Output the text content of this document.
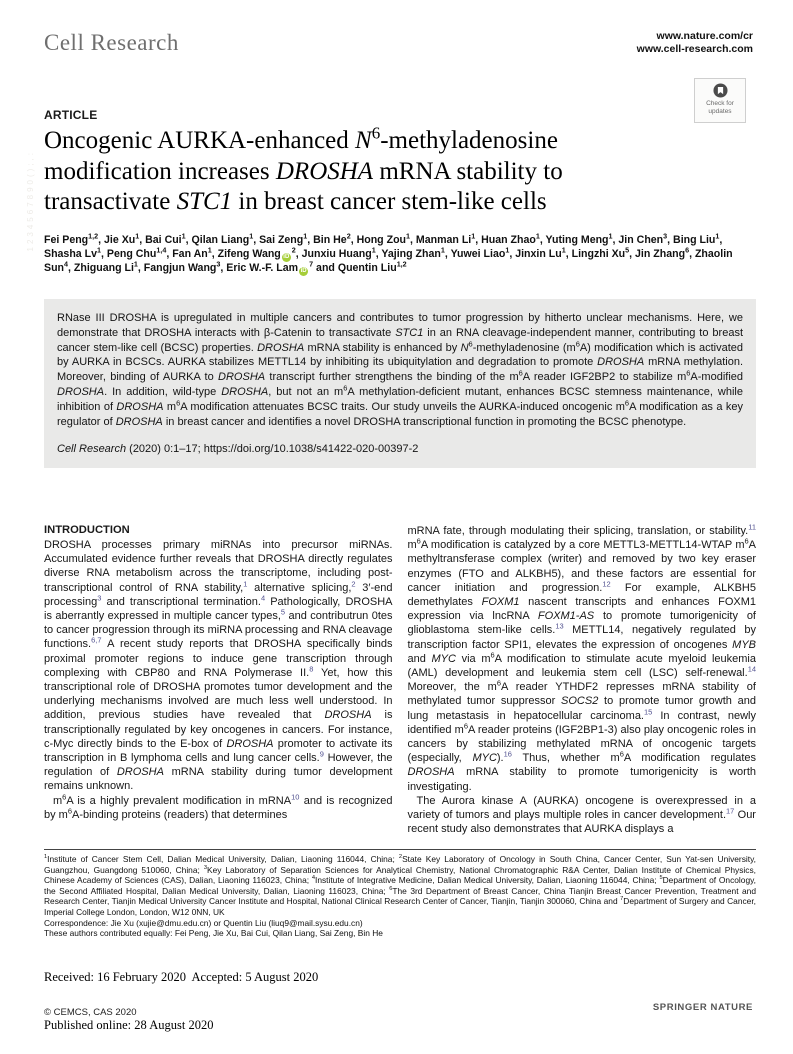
1234567890();,:
Cell Research	www.nature.com/cr
www.cell-research.com
Check for updates
ARTICLE
Oncogenic AURKA-enhanced $N^6$-methyladenosine modification increases DROSHA mRNA stability to transactivate STC1 in breast cancer stem-like cells
Fei Peng$^{1,2}$, Jie Xu$^1$, Bai Cui$^1$, Qilan Liang$^1$, Sai Zeng$^1$, Bin He$^2$, Hong Zou$^1$, Manman Li$^1$, Huan Zhao$^1$, Yuting Meng$^1$, Jin Chen$^3$, Bing Liu$^1$, Shasha Lv$^1$, Peng Chu$^{1,4}$, Fan An$^1$, Zifeng Wang $iD^2$, Junxiu Huang$^1$, Yajing Zhan$^1$, Yuwei Liao$^1$, Jinxin Lu$^1$, Lingzhi Xu$^5$, Jin Zhang$^6$, Zhaolin Sun$^4$, Zhiguang Li$^1$, Fangjun Wang$^3$, Eric W.-F. Lam $iD^7$ and Quentin Liu$^{1,2}$
RNase III DROSHA is upregulated in multiple cancers and contributes to tumor progression by hitherto unclear mechanisms. Here, we demonstrate that DROSHA interacts with β-Catenin to transactivate STC1 in an RNA cleavage-independent manner, contributing to breast cancer stem-like cell (BCSC) properties. DROSHA mRNA stability is enhanced by $N^6$-methyladenosine $(m^6A)$ modification which is activated by AURKA in BCSCs. AURKA stabilizes METTL14 by inhibiting its ubiquitylation and degradation to promote DROSHA mRNA methylation. Moreover, binding of AURKA to DROSHA transcript further strengthens the binding of the $m^6A$ reader IGF2BP2 to stabilize $m^6A$-modified DROSHA. In addition, wild-type DROSHA, but not an $m^6A$ methylation-deficient mutant, enhances BCSC stemness maintenance, while inhibition of DROSHA $m^6A$ modification attenuates BCSC traits. Our study unveils the AURKA-induced oncogenic $m^6A$ modification as a key regulator of DROSHA in breast cancer and identifies a novel DROSHA transcriptional function in promoting the BCSC phenotype.
Cell Research (2020) 0:1–17; https://doi.org/10.1038/s41422-020-00397-2
INTRODUCTION

DROSHA processes primary miRNAs into precursor miRNAs. Accumulated evidence further reveals that DROSHA directly regulates diverse RNA metabolism across the transcriptome, including post-transcriptional control of RNA stability,$^1$ alternative splicing,$^2$ 3′-end processing$^3$ and transcriptional termination.$^4$ Pathologically, DROSHA is aberrantly expressed in multiple cancer types,$^5$ and contributrun 0tes to cancer progression through its miRNA processing and RNA cleavage functions.$^{6,7}$ A recent study reports that DROSHA specifically binds proximal promoter regions to induce gene transcription through complexing with CBP80 and RNA Polymerase II.$^8$ Yet, how this transcriptional role of DROSHA promotes tumor development and the underlying mechanisms involved are much less well understood. In addition, previous studies have revealed that DROSHA is transcriptionally regulated by key oncogenes in cancers. For instance, c-Myc directly binds to the E-box of DROSHA promoter to activate its transcription in B lymphoma cells and lung cancer cells.$^9$ However, the regulation of DROSHA mRNA stability during tumor development remains unknown.

$m^6A$ is a highly prevalent modification in mRNA$^{10}$ and is recognized by $m^6A$-binding proteins (readers) that determines

mRNA fate, through modulating their splicing, translation, or stability.$^{11}$ $m^6A$ modification is catalyzed by a core METTL3-METTL14-WTAP $m^6A$ methyltransferase complex (writer) and removed by two key eraser enzymes (FTO and ALKBH5), and these factors are essential for cancer initiation and progression.$^{12}$ For example, ALKBH5 demethylates FOXM1 nascent transcripts and enhances FOXM1 expression via lncRNA FOXM1-AS to promote tumorigenicity of glioblastoma stem-like cells.$^{13}$ METTL14, negatively regulated by transcription factor SPI1, elevates the expression of oncogenes MYB and MYC via $m^6A$ modification to stimulate acute myeloid leukemia (AML) development and leukemia stem cell (LSC) self-renewal.$^{14}$ Moreover, the $m^6A$ reader YTHDF2 represses mRNA stability of methylated tumor suppressor SOCS2 to promote tumor growth and lung metastasis in hepatocellular carcinoma.$^{15}$ In contrast, newly identified $m^6A$ reader proteins (IGF2BP1-3) also play oncogenic roles in cancers by stabilizing methylated mRNA of oncogenic targets (especially, MYC).$^{16}$ Thus, whether $m^6A$ modification regulates DROSHA mRNA stability to promote tumorigenicity is worth investigating.

The Aurora kinase A (AURKA) oncogene is overexpressed in a variety of tumors and plays multiple roles in cancer development.$^{17}$ Our recent study also demonstrates that AURKA displays a

$^1$Institute of Cancer Stem Cell, Dalian Medical University, Dalian, Liaoning 116044, China; $^2$State Key Laboratory of Oncology in South China, Cancer Center, Sun Yat-sen University, Guangzhou, Guangdong 510060, China; $^3$Key Laboratory of Separation Sciences for Analytical Chemistry, National Chromatographic R&A Center, Dalian Institute of Chemical Physics, Chinese Academy of Sciences (CAS), Dalian, Liaoning 116023, China; $^4$Institute of Integrative Medicine, Dalian Medical University, Dalian, Liaoning 116044, China; $^5$Department of Oncology, the Second Affiliated Hospital, Dalian Medical University, Dalian, Liaoning 116023, China; $^6$The 3rd Department of Breast Cancer, China Tianjin Breast Cancer Prevention, Treatment and Research Center, Tianjin Medical University Cancer Institute and Hospital, National Clinical Research Center of Cancer, Tianjin, Tianjin 300060, China and $^7$Department of Surgery and Cancer, Imperial College London, London, W12 0NN, UK

Correspondence: Jie Xu (xujie@dmu.edu.cn) or Quentin Liu (liuq9@mail.sysu.edu.cn)

These authors contributed equally: Fei Peng, Jie Xu, Bai Cui, Qilan Liang, Sai Zeng, Bin He

Received: 16 February 2020  Accepted: 5 August 2020

Published online: 28 August 2020

© CEMCS, CAS 2020	SPRINGER NATURE
